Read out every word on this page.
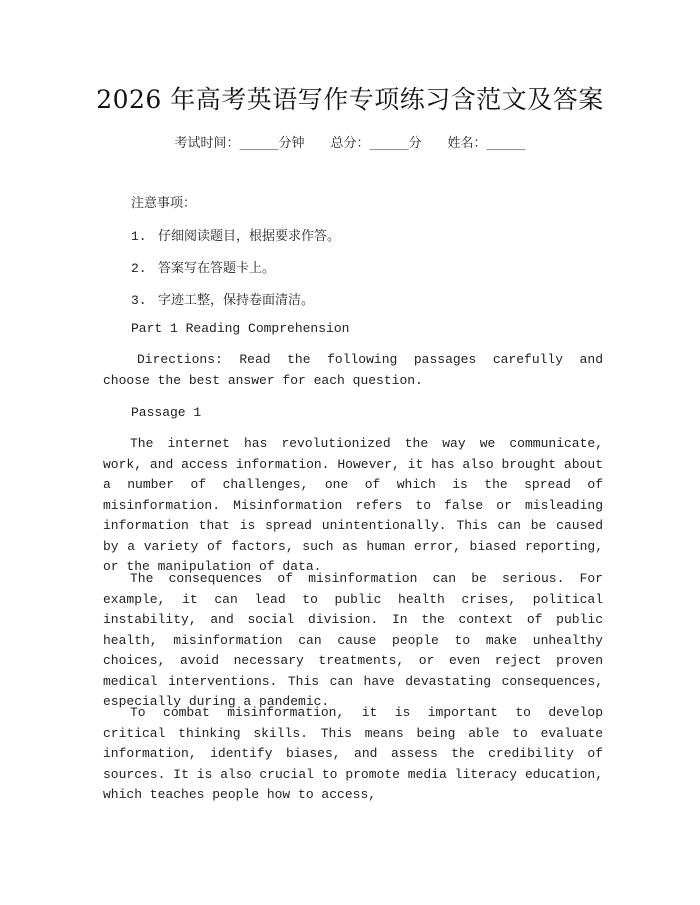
2026 年高考英语写作专项练习含范文及答案
考试时间：______分钟 总分：______分 姓名：______
注意事项：
1. 仔细阅读题目，根据要求作答。
2. 答案写在答题卡上。
3. 字迹工整，保持卷面清洁。
Part 1 Reading Comprehension

Directions: Read the following passages carefully and choose the best answer for each question.

Passage 1

The internet has revolutionized the way we communicate, work, and access information. However, it has also brought about a number of challenges, one of which is the spread of misinformation. Misinformation refers to false or misleading information that is spread unintentionally. This can be caused by a variety of factors, such as human error, biased reporting, or the manipulation of data.

The consequences of misinformation can be serious. For example, it can lead to public health crises, political instability, and social division. In the context of public health, misinformation can cause people to make unhealthy choices, avoid necessary treatments, or even reject proven medical interventions. This can have devastating consequences, especially during a pandemic.

To combat misinformation, it is important to develop critical thinking skills. This means being able to evaluate information, identify biases, and assess the credibility of sources. It is also crucial to promote media literacy education, which teaches people how to access,
